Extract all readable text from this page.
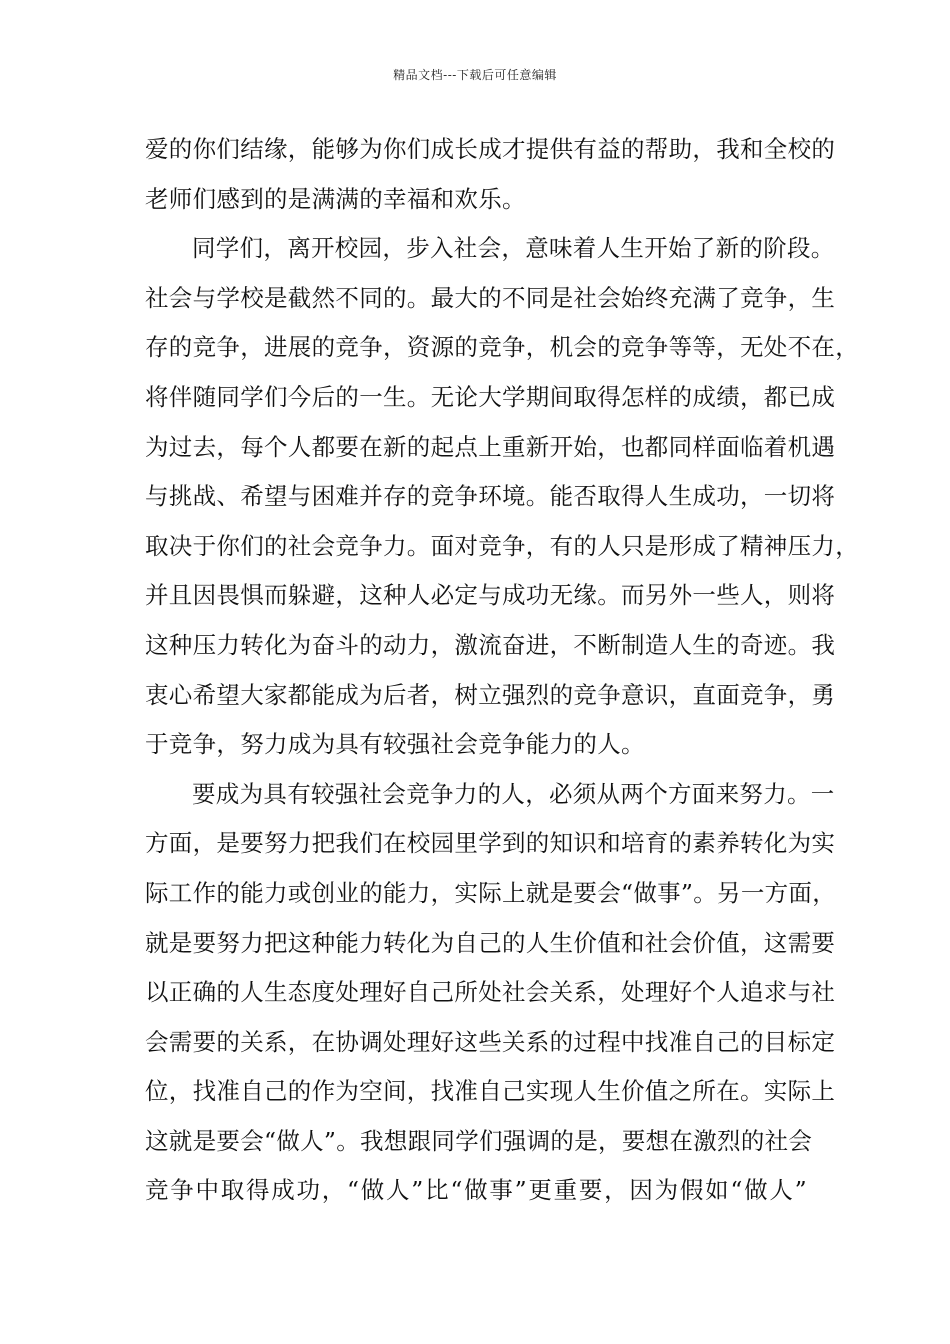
精品文档---下载后可任意编辑
爱的你们结缘，能够为你们成长成才提供有益的帮助，我和全校的
老师们感到的是满满的幸福和欢乐。
同学们，离开校园，步入社会，意味着人生开始了新的阶段。
社会与学校是截然不同的。最大的不同是社会始终充满了竞争，生
存的竞争，进展的竞争，资源的竞争，机会的竞争等等，无处不在，
将伴随同学们今后的一生。无论大学期间取得怎样的成绩，都已成
为过去，每个人都要在新的起点上重新开始，也都同样面临着机遇
与挑战、希望与困难并存的竞争环境。能否取得人生成功，一切将
取决于你们的社会竞争力。面对竞争，有的人只是形成了精神压力，
并且因畏惧而躲避，这种人必定与成功无缘。而另外一些人，则将
这种压力转化为奋斗的动力，激流奋进，不断制造人生的奇迹。我
衷心希望大家都能成为后者，树立强烈的竞争意识，直面竞争，勇
于竞争，努力成为具有较强社会竞争能力的人。
要成为具有较强社会竞争力的人，必须从两个方面来努力。一
方面，是要努力把我们在校园里学到的知识和培育的素养转化为实
际工作的能力或创业的能力，实际上就是要会“做事”。另一方面，
就是要努力把这种能力转化为自己的人生价值和社会价值，这需要
以正确的人生态度处理好自己所处社会关系，处理好个人追求与社
会需要的关系，在协调处理好这些关系的过程中找准自己的目标定
位，找准自己的作为空间，找准自己实现人生价值之所在。实际上
这就是要会“做人”。我想跟同学们强调的是，要想在激烈的社会
竞争中取得成功，“做人”比“做事”更重要，因为假如“做人”
